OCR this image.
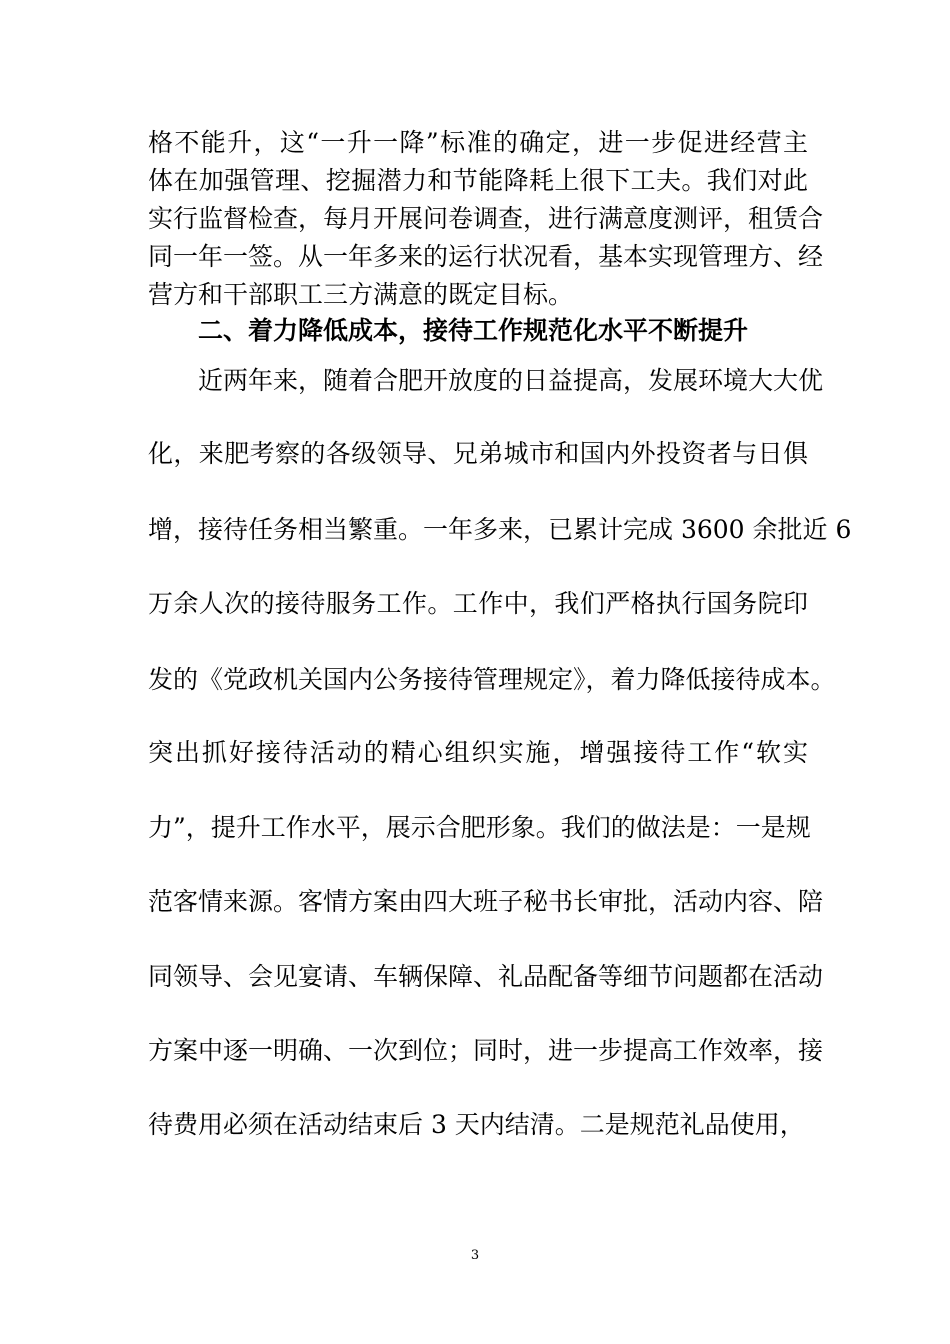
格不能升，这“一升一降”标准的确定，进一步促进经营主
体在加强管理、挖掘潜力和节能降耗上很下工夫。我们对此
实行监督检查，每月开展问卷调查，进行满意度测评，租赁合
同一年一签。从一年多来的运行状况看，基本实现管理方、经
营方和干部职工三方满意的既定目标。
二、着力降低成本，接待工作规范化水平不断提升
近两年来，随着合肥开放度的日益提高，发展环境大大优
化，来肥考察的各级领导、兄弟城市和国内外投资者与日俱
增，接待任务相当繁重。一年多来，已累计完成 3600 余批近 6
万余人次的接待服务工作。工作中，我们严格执行国务院印
发的《党政机关国内公务接待管理规定》，着力降低接待成本。
突出抓好接待活动的精心组织实施，增强接待工作“软实
力”，提升工作水平，展示合肥形象。我们的做法是：一是规
范客情来源。客情方案由四大班子秘书长审批，活动内容、陪
同领导、会见宴请、车辆保障、礼品配备等细节问题都在活动
方案中逐一明确、一次到位；同时，进一步提高工作效率，接
待费用必须在活动结束后 3 天内结清。二是规范礼品使用，
3
